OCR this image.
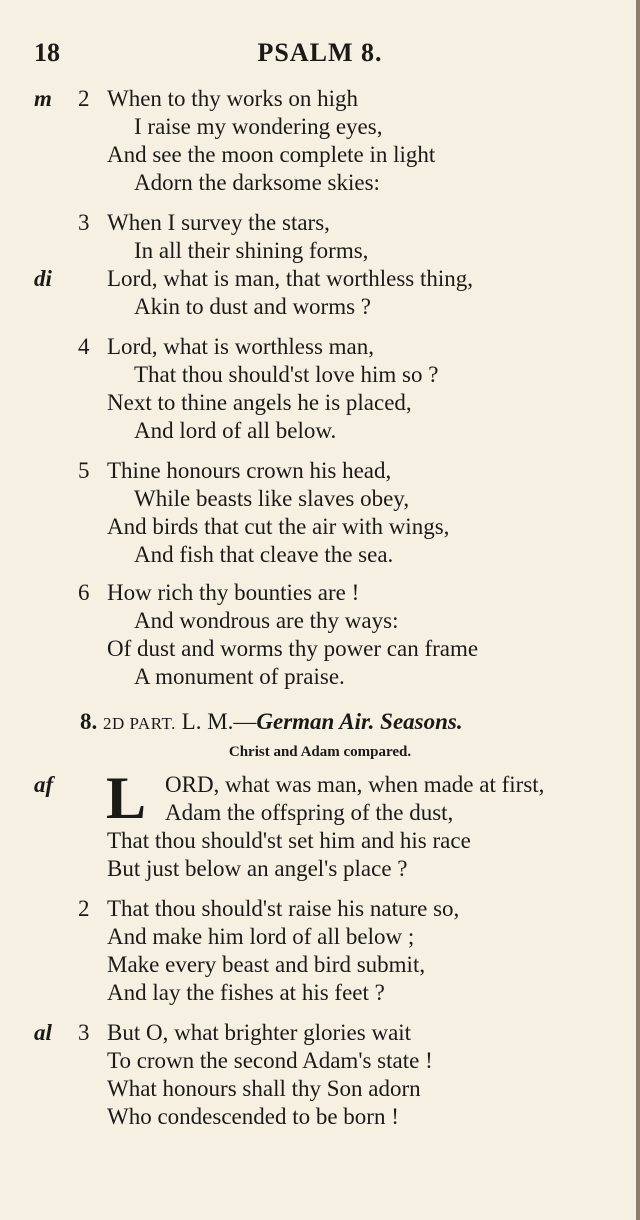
18	PSALM 8.
m 2 When to thy works on high
I raise my wondering eyes,
And see the moon complete in light
Adorn the darksome skies:
3 When I survey the stars,
In all their shining forms,
di Lord, what is man, that worthless thing,
Akin to dust and worms ?
4 Lord, what is worthless man,
That thou should'st love him so ?
Next to thine angels he is placed,
And lord of all below.
5 Thine honours crown his head,
While beasts like slaves obey,
And birds that cut the air with wings,
And fish that cleave the sea.
6 How rich thy bounties are !
And wondrous are thy ways:
Of dust and worms thy power can frame
A monument of praise.
8. 2D PART. L. M.—German Air. Seasons.
Christ and Adam compared.
L
af	ORD, what was man, when made at first,
Adam the offspring of the dust,
That thou should'st set him and his race
But just below an angel's place ?
2 That thou should'st raise his nature so,
And make him lord of all below ;
Make every beast and bird submit,
And lay the fishes at his feet ?
al 3 But O, what brighter glories wait
To crown the second Adam's state !
What honours shall thy Son adorn
Who condescended to be born !
